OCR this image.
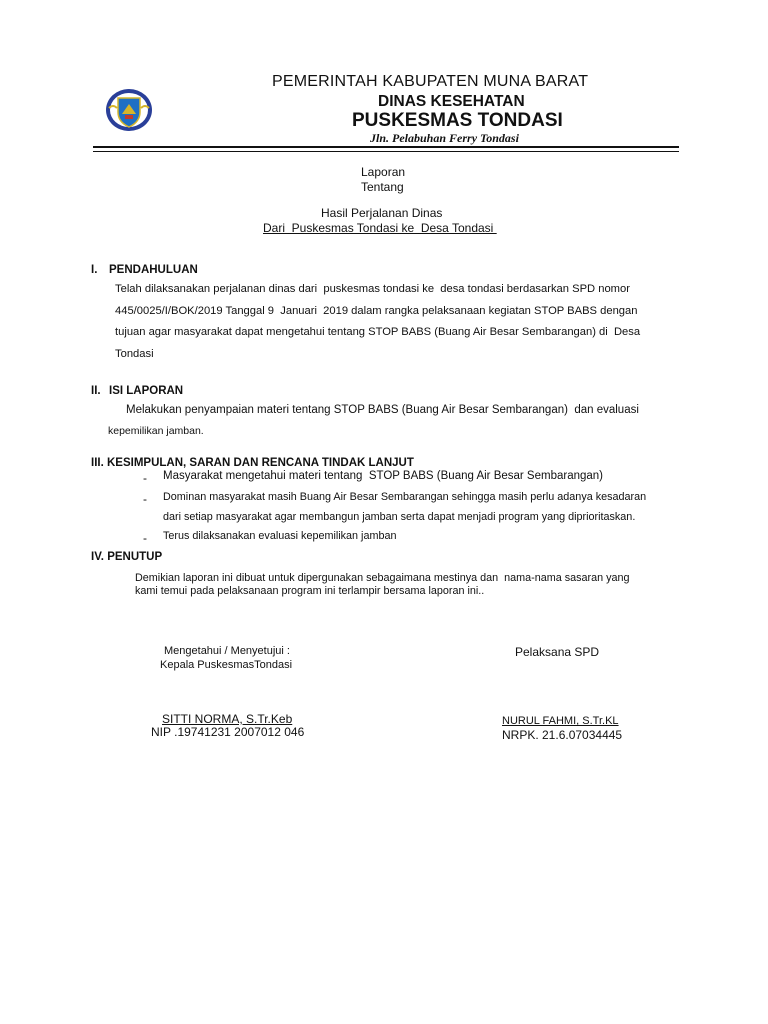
PEMERINTAH KABUPATEN MUNA BARAT
DINAS KESEHATAN
PUSKESMAS TONDASI
Jln. Pelabuhan Ferry Tondasi
Laporan
Tentang
Hasil Perjalanan Dinas
Dari  Puskesmas Tondasi ke  Desa Tondasi
I. PENDAHULUAN
Telah dilaksanakan perjalanan dinas dari  puskesmas tondasi ke  desa tondasi berdasarkan SPD nomor
445/0025/I/BOK/2019 Tanggal 9  Januari  2019 dalam rangka pelaksanaan kegiatan STOP BABS dengan
tujuan agar masyarakat dapat mengetahui tentang STOP BABS (Buang Air Besar Sembarangan) di  Desa
Tondasi
II. ISI LAPORAN
Melakukan penyampaian materi tentang STOP BABS (Buang Air Besar Sembarangan)  dan evaluasi
kepemilikan jamban.
III. KESIMPULAN, SARAN DAN RENCANA TINDAK LANJUT
- Masyarakat mengetahui materi tentang  STOP BABS (Buang Air Besar Sembarangan)
- Dominan masyarakat masih Buang Air Besar Sembarangan sehingga masih perlu adanya kesadaran
dari setiap masyarakat agar membangun jamban serta dapat menjadi program yang diprioritaskan.
- Terus dilaksanakan evaluasi kepemilikan jamban
IV. PENUTUP
Demikian laporan ini dibuat untuk dipergunakan sebagaimana mestinya dan  nama-nama sasaran yang
kami temui pada pelaksanaan program ini terlampir bersama laporan ini..
Mengetahui / Menyetujui :
Kepala PuskesmasTondasi
SITTI NORMA, S.Tr.Keb
NIP .19741231 2007012 046
Pelaksana SPD
NURUL FAHMI, S.Tr.KL
NRPK. 21.6.07034445
